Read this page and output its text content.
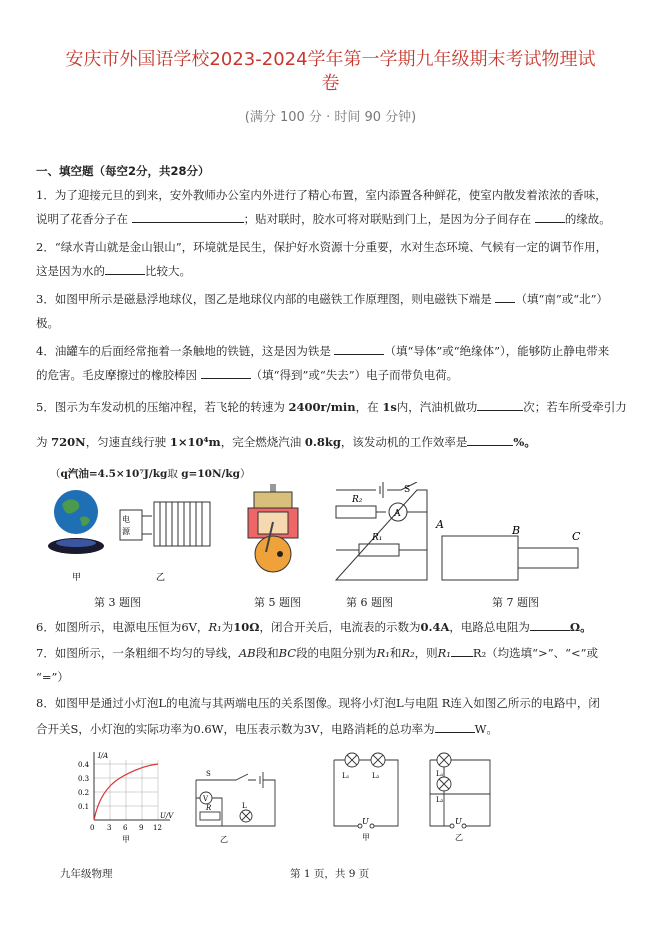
安庆市外国语学校2023-2024学年第一学期九年级期末考试物理试
卷
(满分 100 分 · 时间 90 分钟)
一、填空题（每空2分，共28分）
1．为了迎接元旦的到来，安外教师办公室内外进行了精心布置，室内添置各种鲜花，使室内散发着浓浓的香味，
说明了花香分子在	；贴对联时，胶水可将对联贴到门上，是因为分子间存在	的缘故。
2．“绿水青山就是金山银山”，环境就是民生，保护好水资源十分重要，水对生态环境、气候有一定的调节作用，
这是因为水的	比较大。
3．如图甲所示是磁悬浮地球仪，图乙是地球仪内部的电磁铁工作原理图，则电磁铁下端是 （填“南”或“北”）
极。
4．油罐车的后面经常拖着一条触地的铁链，这是因为铁是	（填“导体”或“绝缘体”），能够防止静电带来
的危害。毛皮摩擦过的橡胶棒因	（填“得到”或“失去”）电子而带负电荷。
5．图示为车发动机的压缩冲程，若飞轮的转速为 2400r/min，在 1s内，汽油机做功	次；若车所受牵引力
为 720N，匀速直线行驶 1×10⁴m，完全燃烧汽油 0.8kg，该发动机的工作效率是	%。
（q汽油=4.5×10⁷J/kg取 g=10N/kg）
甲
电
源
乙
S
R₂
A
R₁
A	B	C
第 3 题图	第 5 题图	第 6 题图	第 7 题图
6．如图所示，电源电压恒为6V，R₁为10Ω，闭合开关后，电流表的示数为0.4A，电路总电阻为	Ω。
7．如图所示，一条粗细不均匀的导线，AB段和BC段的电阻分别为R₁和R₂，则R₁ R₂（均选填“>”、“<”或
“=”）
8．如图甲是通过小灯泡L的电流与其两端电压的关系图像。现将小灯泡L与电阻 R连入如图乙所示的电路中，闭
合开关S，小灯泡的实际功率为0.6W，电压表示数为3V，电路消耗的总功率为	W。
I/A
U/V
0.4
0.3
0.2
0.1
0 3 6 9 12
甲
S
V
R	L
乙
L₁	L₂
U
甲
L₁
L₂
U
乙
九年级物理	第 1 页，共 9 页
